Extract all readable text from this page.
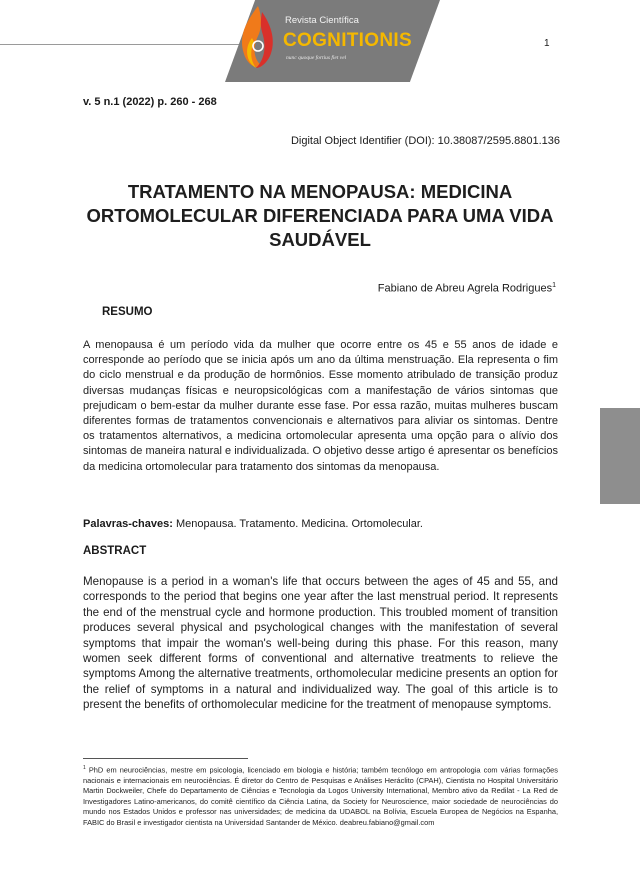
Revista Científica
COGNITIONIS
nunc quoque fortius fiet vel
1
v. 5 n.1 (2022) p. 260 - 268
Digital Object Identifier (DOI): 10.38087/2595.8801.136
TRATAMENTO NA MENOPAUSA: MEDICINA ORTOMOLECULAR DIFERENCIADA PARA UMA VIDA SAUDÁVEL
Fabiano de Abreu Agrela Rodrigues$^1$
RESUMO

A menopausa é um período vida da mulher que ocorre entre os 45 e 55 anos de idade e corresponde ao período que se inicia após um ano da última menstruação. Ela representa o fim do ciclo menstrual e da produção de hormônios. Esse momento atribulado de transição produz diversas mudanças físicas e neuropsicológicas com a manifestação de vários sintomas que prejudicam o bem-estar da mulher durante esse fase. Por essa razão, muitas mulheres buscam diferentes formas de tratamentos convencionais e alternativos para aliviar os sintomas. Dentre os tratamentos alternativos, a medicina ortomolecular apresenta uma opção para o alívio dos sintomas de maneira natural e individualizada. O objetivo desse artigo é apresentar os benefícios da medicina ortomolecular para tratamento dos sintomas da menopausa.

Palavras-chaves: Menopausa. Tratamento. Medicina. Ortomolecular.
ABSTRACT

Menopause is a period in a woman's life that occurs between the ages of 45 and 55, and corresponds to the period that begins one year after the last menstrual period. It represents the end of the menstrual cycle and hormone production. This troubled moment of transition produces several physical and psychological changes with the manifestation of several symptoms that impair the woman's well-being during this phase. For this reason, many women seek different forms of conventional and alternative treatments to relieve the symptoms Among the alternative treatments, orthomolecular medicine presents an option for the relief of symptoms in a natural and individualized way. The goal of this article is to present the benefits of orthomolecular medicine for the treatment of menopause symptoms.

$^1$ PhD em neurociências, mestre em psicologia, licenciado em biologia e história; também tecnólogo em antropologia com várias formações nacionais e internacionais em neurociências. É diretor do Centro de Pesquisas e Análises Heráclito (CPAH), Cientista no Hospital Universitário Martin Dockweiler, Chefe do Departamento de Ciências e Tecnologia da Logos University International, Membro ativo da Redilat - La Red de Investigadores Latino-americanos, do comitê científico da Ciência Latina, da Society for Neuroscience, maior sociedade de neurociências do mundo nos Estados Unidos e professor nas universidades; de medicina da UDABOL na Bolívia, Escuela Europea de Negócios na Espanha, FABIC do Brasil e investigador cientista na Universidad Santander de México. deabreu.fabiano@gmail.com
